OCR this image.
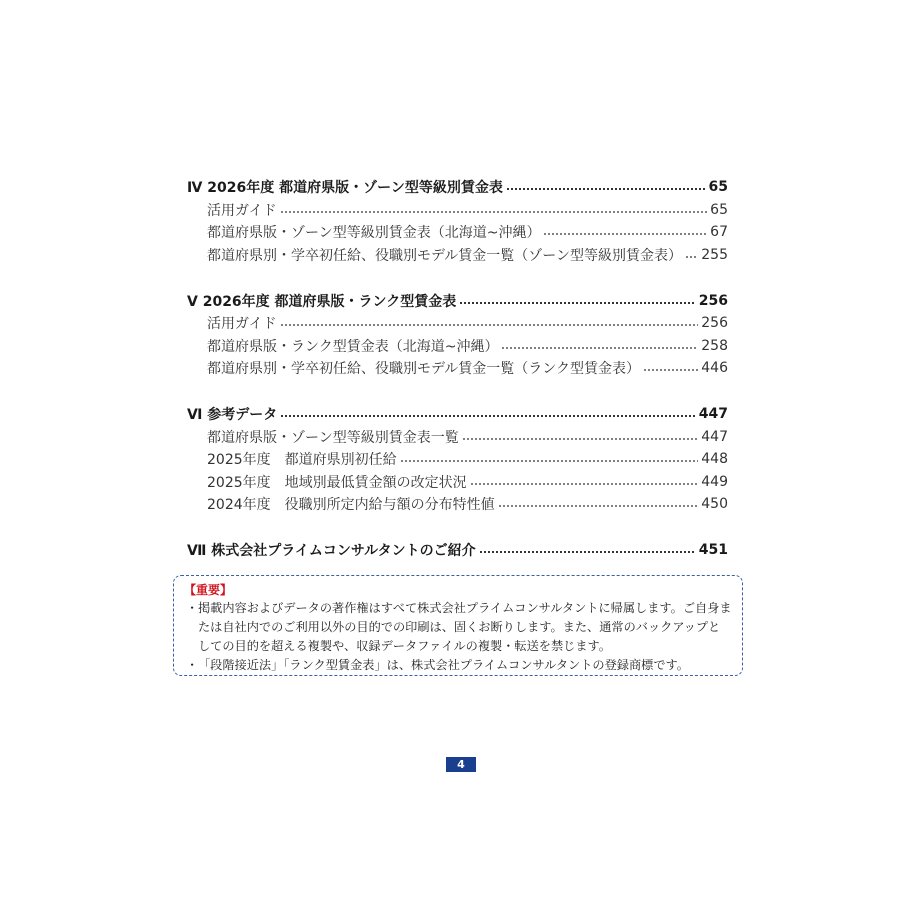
Ⅳ 2026年度 都道府県版・ゾーン型等級別賃金表	65
活用ガイド	65
都道府県版・ゾーン型等級別賃金表（北海道~沖縄）	67
都道府県別・学卒初任給、役職別モデル賃金一覧（ゾーン型等級別賃金表） 255
Ⅴ 2026年度 都道府県版・ランク型賃金表	256
活用ガイド	256
都道府県版・ランク型賃金表（北海道~沖縄）	258
都道府県別・学卒初任給、役職別モデル賃金一覧（ランク型賃金表）	446
Ⅵ 参考データ	447
都道府県版・ゾーン型等級別賃金表一覧	447
2025年度　都道府県別初任給	448
2025年度　地域別最低賃金額の改定状況	449
2024年度　役職別所定内給与額の分布特性値	450
Ⅶ 株式会社プライムコンサルタントのご紹介	451
【重要】
・ 掲載内容およびデータの著作権はすべて株式会社プライムコンサルタントに帰属します。ご自身または自社内でのご利用以外の目的での印刷は、固くお断りします。また、通常のバックアップとしての目的を超える複製や、収録データファイルの複製・転送を禁じます。
・ 「段階接近法」「ランク型賃金表」は、株式会社プライムコンサルタントの登録商標です。
4
